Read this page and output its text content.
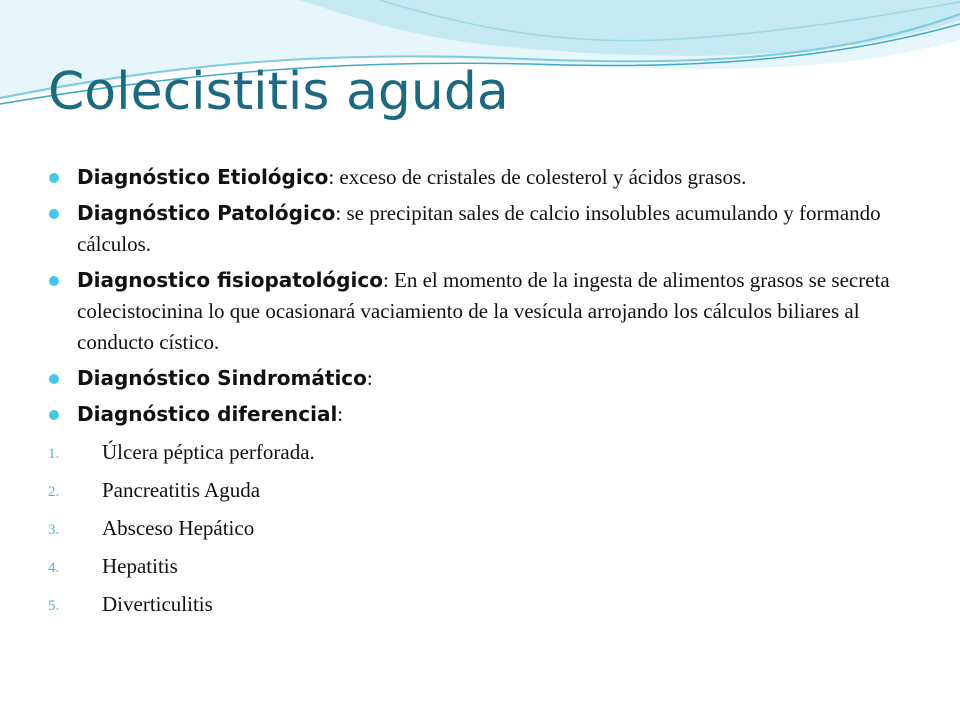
Colecistitis aguda
Diagnóstico Etiológico: exceso de cristales de colesterol y ácidos grasos.
Diagnóstico Patológico: se precipitan sales de calcio insolubles acumulando y formando cálculos.
Diagnostico fisiopatológico: En el momento de la ingesta de alimentos grasos se secreta colecistocinina lo que ocasionará vaciamiento de la vesícula arrojando los cálculos biliares al conducto cístico.
Diagnóstico Sindromático:
Diagnóstico diferencial:
1. Úlcera péptica perforada.
2. Pancreatitis Aguda
3. Absceso Hepático
4. Hepatitis
5. Diverticulitis
